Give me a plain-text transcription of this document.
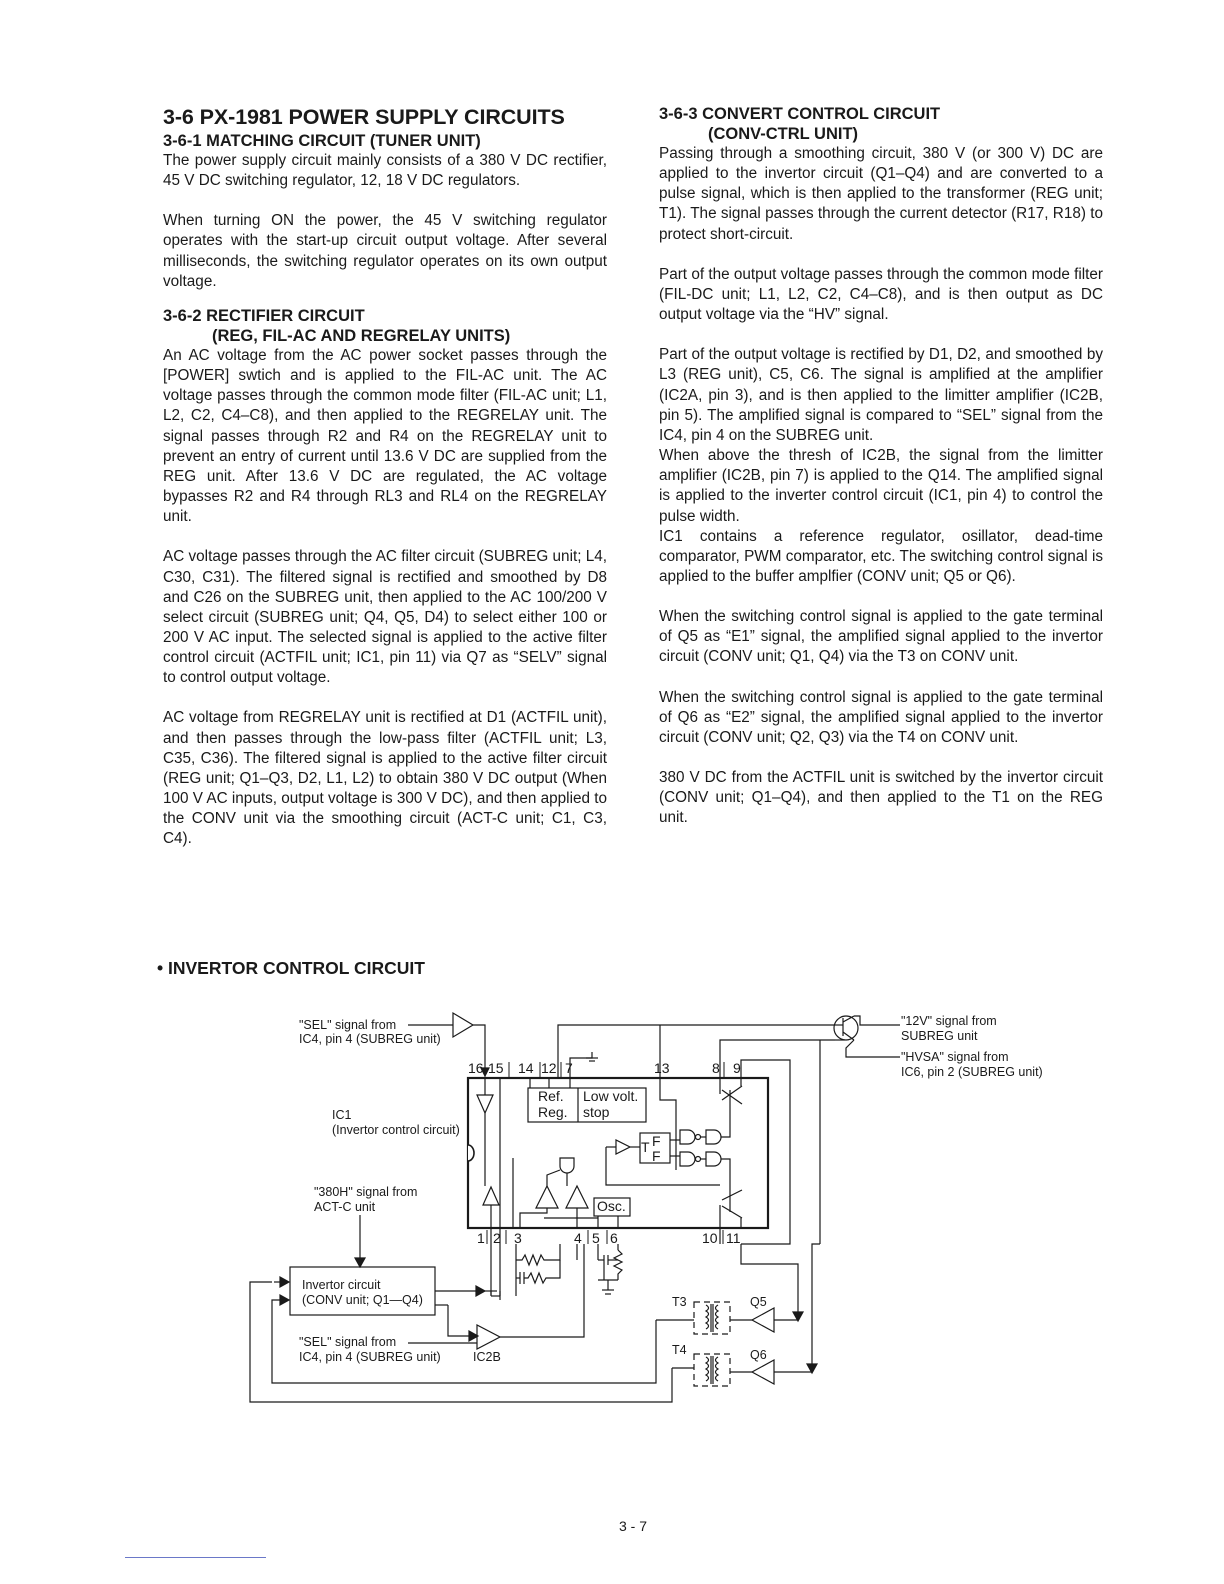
3-6 PX-1981 POWER SUPPLY CIRCUITS
3-6-1 MATCHING CIRCUIT (TUNER UNIT)

The power supply circuit mainly consists of a 380 V DC rectifier, 45 V DC switching regulator, 12, 18 V DC regulators.

When turning ON the power, the 45 V switching regulator operates with the start-up circuit output voltage. After several milliseconds, the switching regulator operates on its own output voltage.

3-6-2 RECTIFIER CIRCUIT
(REG, FIL-AC AND REGRELAY UNITS)

An AC voltage from the AC power socket passes through the [POWER] swtich and is applied to the FIL-AC unit. The AC voltage passes through the common mode filter (FIL-AC unit; L1, L2, C2, C4–C8), and then applied to the REGRELAY unit. The signal passes through R2 and R4 on the REGRELAY unit to prevent an entry of current until 13.6 V DC are supplied from the REG unit. After 13.6 V DC are regulated, the AC voltage bypasses R2 and R4 through RL3 and RL4 on the REGRELAY unit.

AC voltage passes through the AC filter circuit (SUBREG unit; L4, C30, C31). The filtered signal is rectified and smoothed by D8 and C26 on the SUBREG unit, then applied to the AC 100/200 V select circuit (SUBREG unit; Q4, Q5, D4) to select either 100 or 200 V AC input. The selected signal is applied to the active filter control circuit (ACTFIL unit; IC1, pin 11) via Q7 as “SELV” signal to control output voltage.

AC voltage from REGRELAY unit is rectified at D1 (ACTFIL unit), and then passes through the low-pass filter (ACTFIL unit; L3, C35, C36). The filtered signal is applied to the active filter circuit (REG unit; Q1–Q3, D2, L1, L2) to obtain 380 V DC output (When 100 V AC inputs, output voltage is 300 V DC), and then applied to the CONV unit via the smoothing circuit (ACT-C unit; C1, C3, C4).

3-6-3 CONVERT CONTROL CIRCUIT
(CONV-CTRL UNIT)

Passing through a smoothing circuit, 380 V (or 300 V) DC are applied to the invertor circuit (Q1–Q4) and are converted to a pulse signal, which is then applied to the transformer (REG unit; T1). The signal passes through the current detector (R17, R18) to protect short-circuit.

Part of the output voltage passes through the common mode filter (FIL-DC unit; L1, L2, C2, C4–C8), and is then output as DC output voltage via the “HV” signal.

Part of the output voltage is rectified by D1, D2, and smoothed by L3 (REG unit), C5, C6. The signal is amplified at the amplifier (IC2A, pin 3), and is then applied to the limitter amplifier (IC2B, pin 5). The amplified signal is compared to “SEL” signal from the IC4, pin 4 on the SUBREG unit.

When above the thresh of IC2B, the signal from the limitter amplifier (IC2B, pin 7) is applied to the Q14. The amplified signal is applied to the inverter control circuit (IC1, pin 4) to control the pulse width.

IC1 contains a reference regulator, osillator, dead-time comparator, PWM comparator, etc. The switching control signal is applied to the buffer amplfier (CONV unit; Q5 or Q6).

When the switching control signal is applied to the gate terminal of Q5 as “E1” signal, the amplified signal applied to the invertor circuit (CONV unit; Q1, Q4) via the T3 on CONV unit.

When the switching control signal is applied to the gate terminal of Q6 as “E2” signal, the amplified signal applied to the invertor circuit (CONV unit; Q2, Q3) via the T4 on CONV unit.

380 V DC from the ACTFIL unit is switched by the invertor circuit (CONV unit; Q1–Q4), and then applied to the T1 on the REG unit.

• INVERTOR CONTROL CIRCUIT
"SEL" signal from
IC4, pin 4 (SUBREG unit)
"12V" signal from
SUBREG unit
"HVSA" signal from
IC6, pin 2 (SUBREG unit)
IC1
(Invertor control circuit)
"380H" signal from
ACT-C unit
Invertor circuit
(CONV unit; Q1—Q4)
"SEL" signal from
IC4, pin 4 (SUBREG unit)	IC2B
T3
T4
Q5
Q6
Ref.
Reg.
Low volt.
stop
Osc.
T F
F
16 15 14 12 7	13	8 9
1 2 3	4 5 6	10 11
3 - 7
